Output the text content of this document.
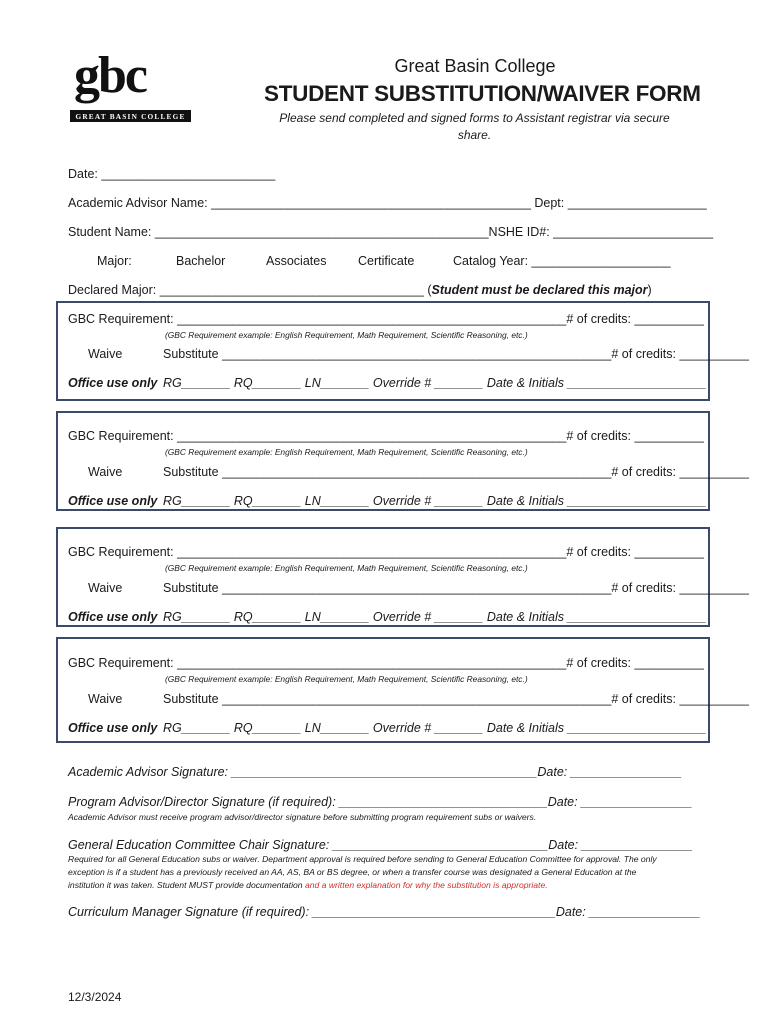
gbc
GREAT BASIN COLLEGE
Great Basin College
STUDENT SUBSTITUTION/WAIVER FORM
Please send completed and signed forms to Assistant registrar via secure share.
Date: _________________________
Academic Advisor Name: ______________________________________________ Dept: ____________________
Student Name: ________________________________________________NSHE ID#: _______________________
Major:	Bachelor	Associates	Certificate	Catalog Year: ____________________
Declared Major: ______________________________________ (Student must be declared this major)
GBC Requirement: ________________________________________________________# of credits: __________
(GBC Requirement example: English Requirement, Math Requirement, Scientific Reasoning, etc.)
Waive	Substitute ________________________________________________________# of credits: __________
Office use only RG_______ RQ_______ LN_______ Override # _______ Date & Initials ____________________
GBC Requirement: ________________________________________________________# of credits: __________
(GBC Requirement example: English Requirement, Math Requirement, Scientific Reasoning, etc.)
Waive	Substitute ________________________________________________________# of credits: __________
Office use only RG_______ RQ_______ LN_______ Override # _______ Date & Initials ____________________
GBC Requirement: ________________________________________________________# of credits: __________
(GBC Requirement example: English Requirement, Math Requirement, Scientific Reasoning, etc.)
Waive	Substitute ________________________________________________________# of credits: __________
Office use only RG_______ RQ_______ LN_______ Override # _______ Date & Initials ____________________
GBC Requirement: ________________________________________________________# of credits: __________
(GBC Requirement example: English Requirement, Math Requirement, Scientific Reasoning, etc.)
Waive	Substitute ________________________________________________________# of credits: __________
Office use only RG_______ RQ_______ LN_______ Override # _______ Date & Initials ____________________
Academic Advisor Signature: ____________________________________________Date: ________________
Program Advisor/Director Signature (if required): ______________________________Date: ________________
Academic Advisor must receive program advisor/director signature before submitting program requirement subs or waivers.
General Education Committee Chair Signature: _______________________________Date: ________________
Required for all General Education subs or waiver. Department approval is required before sending to General Education Committee for approval. The only
exception is if a student has a previously received an AA, AS, BA or BS degree, or when a transfer course was designated a General Education at the
institution it was taken. Student MUST provide documentation and a written explanation for why the substitution is appropriate.
Curriculum Manager Signature (if required): ___________________________________Date: ________________
12/3/2024
